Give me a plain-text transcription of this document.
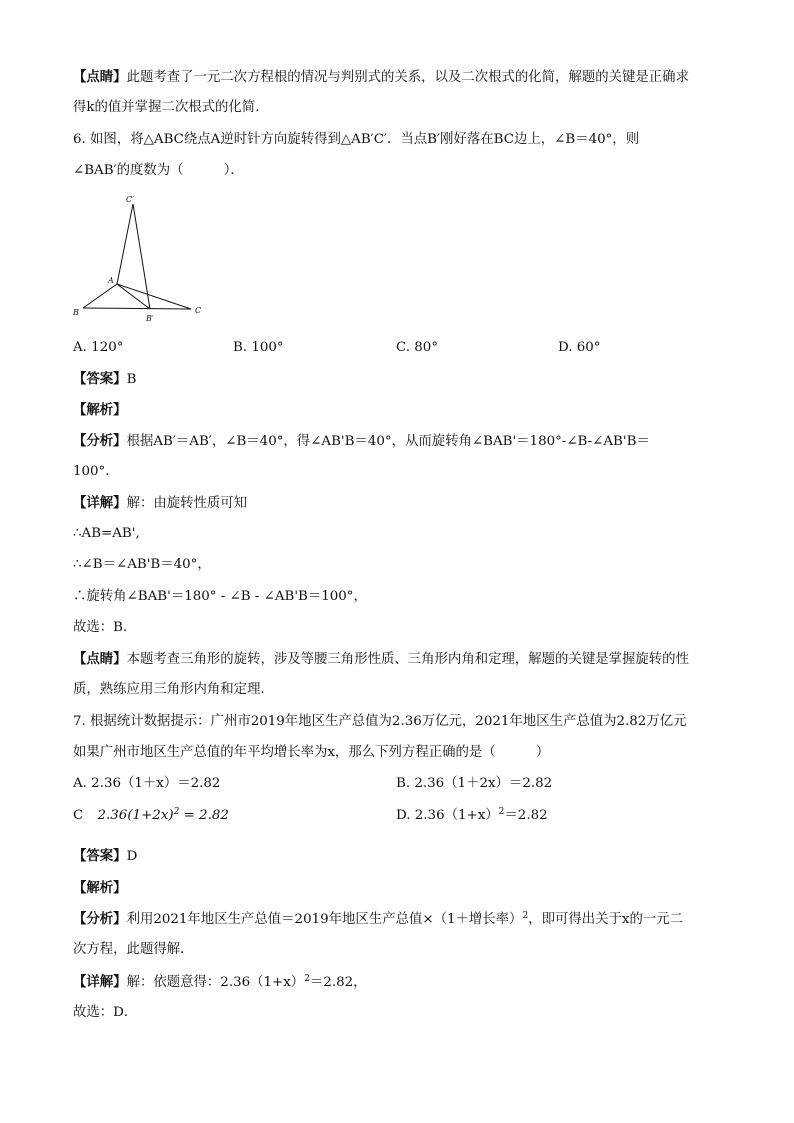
【点睛】此题考查了一元二次方程根的情况与判别式的关系，以及二次根式的化简，解题的关键是正确求
得k的值并掌握二次根式的化简．
6. 如图，将△ABC绕点A逆时针方向旋转得到△AB′C′．当点B′刚好落在BC边上，∠B＝40°，则
∠BAB′的度数为（　　　）．
C′
A
B
B′
C
A. 120°	B. 100°	C. 80°	D. 60°
【答案】B
【解析】
【分析】根据AB′＝AB′，∠B＝40°，得∠AB'B＝40°，从而旋转角∠BAB'＝180°-∠B-∠AB'B＝
100°．
【详解】解：由旋转性质可知
∴AB=AB',
∴∠B＝∠AB'B＝40°，
∴旋转角∠BAB'＝180° - ∠B - ∠AB'B＝100°，
故选：B．
【点睛】本题考查三角形的旋转，涉及等腰三角形性质、三角形内角和定理，解题的关键是掌握旋转的性
质，熟练应用三角形内角和定理．
7. 根据统计数据提示：广州市2019年地区生产总值为2.36万亿元，2021年地区生产总值为2.82万亿元
如果广州市地区生产总值的年平均增长率为x，那么下列方程正确的是（　　　）
A. 2.36（1＋x）＝2.82	B. 2.36（1＋2x）＝2.82
C $2.36(1+2x)^2 = 2.82$	D. $2.36(1+x)^2=2.82$
【答案】D
【解析】
【分析】利用2021年地区生产总值＝2019年地区生产总值×（1＋增长率）$^2$，即可得出关于x的一元二
次方程，此题得解．
【详解】解：依题意得：$2.36(1+x)^2=2.82$，
故选：D．
